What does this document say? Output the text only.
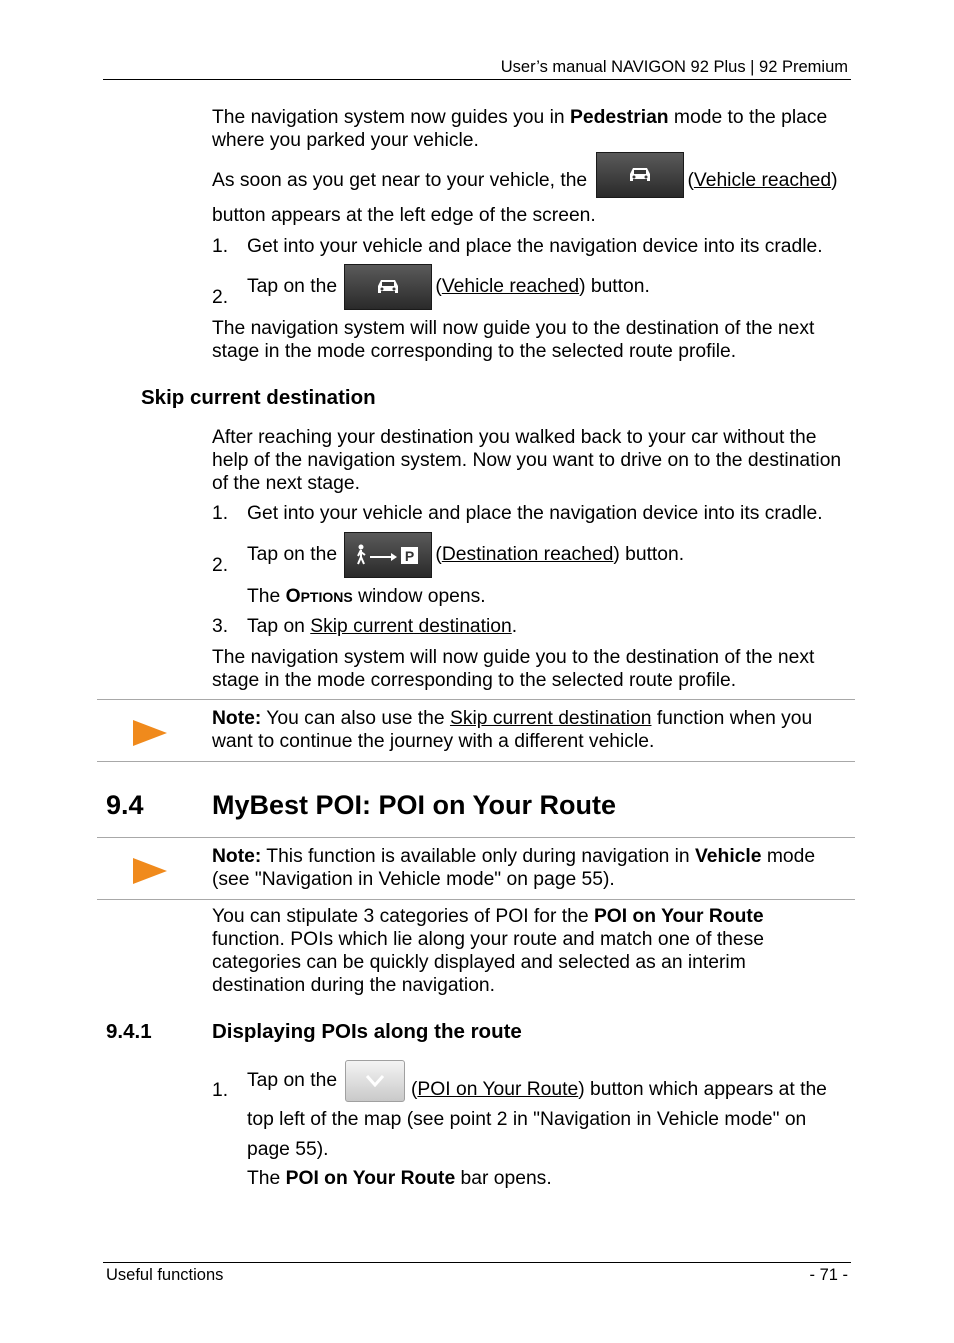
User’s manual NAVIGON 92 Plus | 92 Premium
The navigation system now guides you in Pedestrian mode to the place where you parked your vehicle.
As soon as you get near to your vehicle, the	(Vehicle reached) button appears at the left edge of the screen.
1. Get into your vehicle and place the navigation device into its cradle.
2.
Tap on the	(Vehicle reached) button.
The navigation system will now guide you to the destination of the next stage in the mode corresponding to the selected route profile.
Skip current destination
After reaching your destination you walked back to your car without the help of the navigation system. Now you want to drive on to the destination of the next stage.
1. Get into your vehicle and place the navigation device into its cradle.
2.
Tap on the	P (Destination reached) button.
The Options window opens.
3. Tap on Skip current destination.
The navigation system will now guide you to the destination of the next stage in the mode corresponding to the selected route profile.
Note: You can also use the Skip current destination function when you want to continue the journey with a different vehicle.
9.4	MyBest POI: POI on Your Route
Note: This function is available only during navigation in Vehicle mode (see "Navigation in Vehicle mode" on page 55).
You can stipulate 3 categories of POI for the POI on Your Route function. POIs which lie along your route and match one of these categories can be quickly displayed and selected as an interim destination during the navigation.
9.4.1	Displaying POIs along the route
1. Tap on the	(POI on Your Route) button which appears at the top left of the map (see point 2 in "Navigation in Vehicle mode" on page 55).
The POI on Your Route bar opens.
Useful functions	- 71 -
